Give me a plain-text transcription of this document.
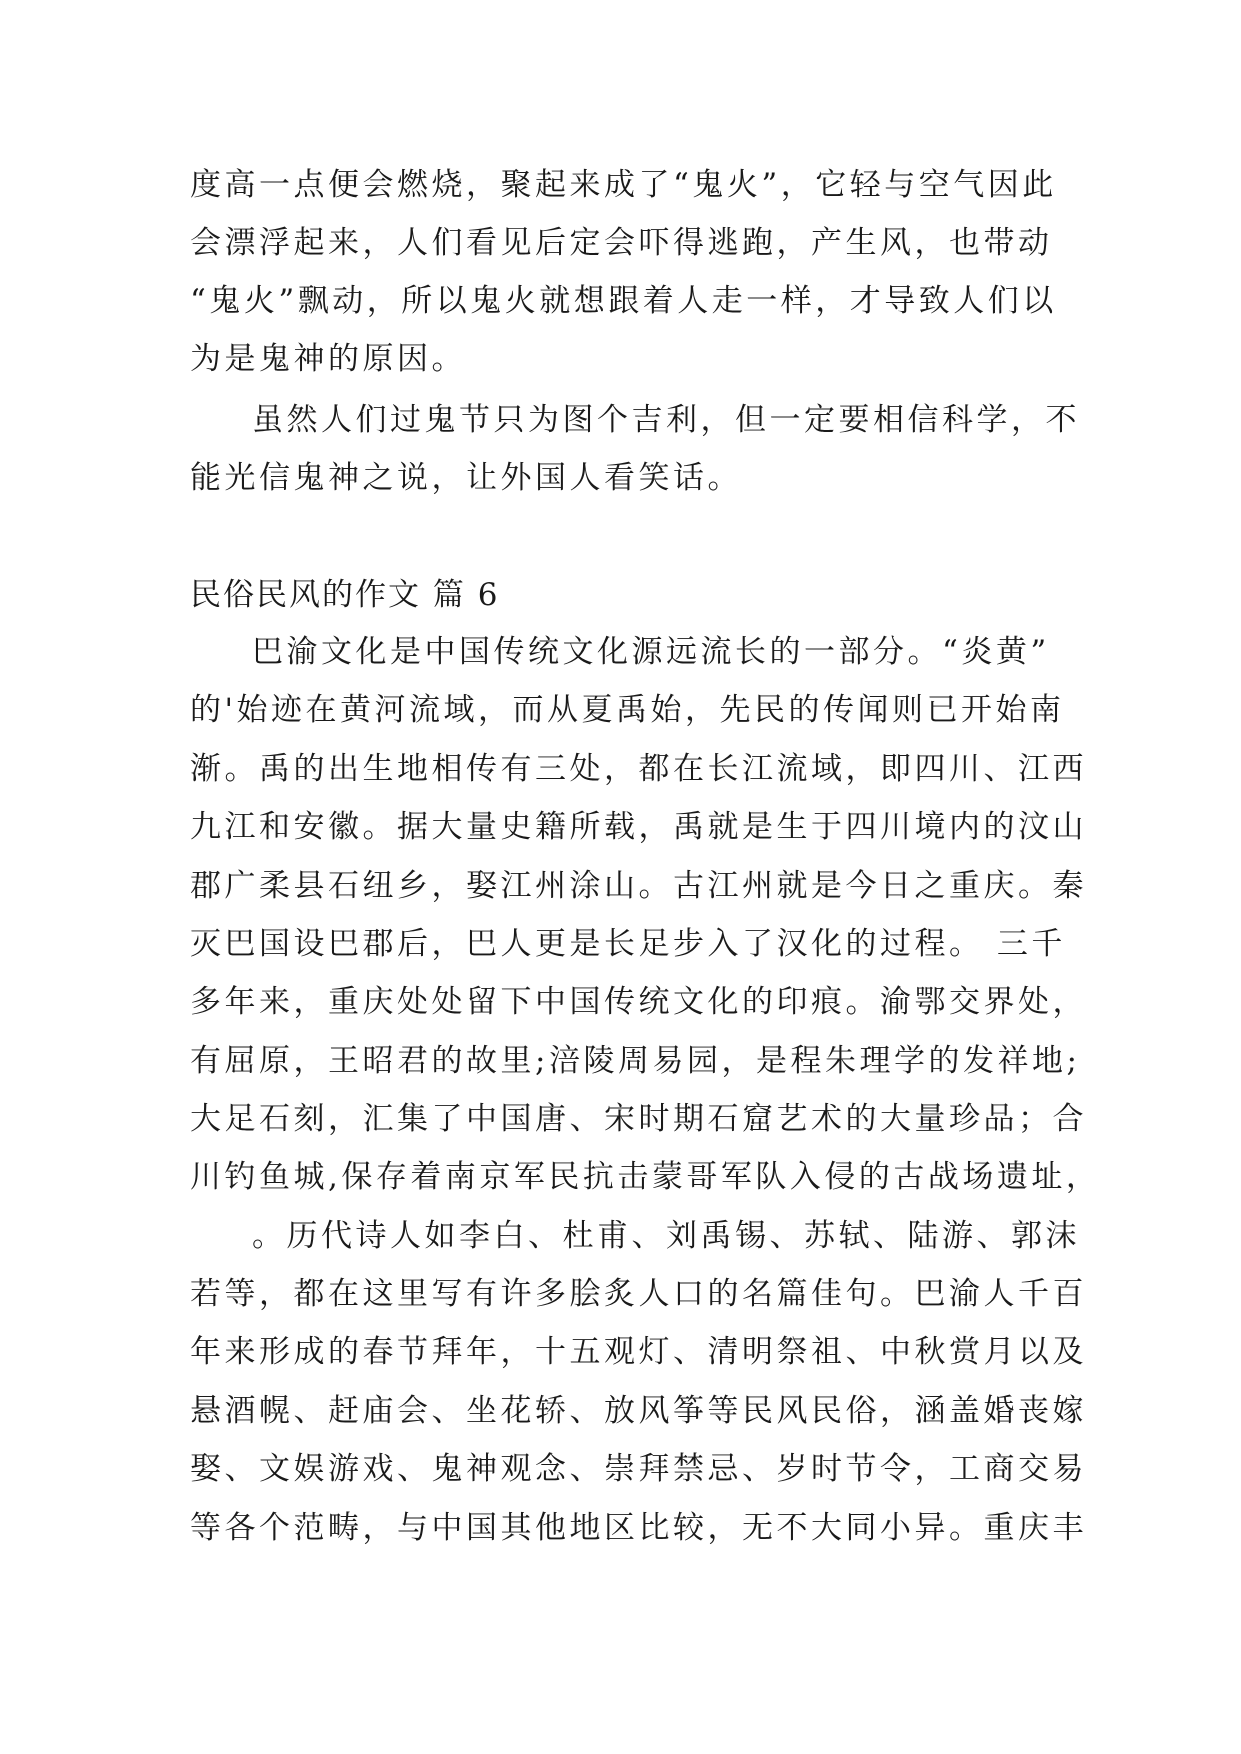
度高一点便会燃烧，聚起来成了“鬼火”，它轻与空气因此
会漂浮起来，人们看见后定会吓得逃跑，产生风，也带动
“鬼火”飘动，所以鬼火就想跟着人走一样，才导致人们以
为是鬼神的原因。
虽然人们过鬼节只为图个吉利，但一定要相信科学，不
能光信鬼神之说，让外国人看笑话。
民俗民风的作文 篇 6
巴渝文化是中国传统文化源远流长的一部分。“炎黄”
的'始迹在黄河流域，而从夏禹始，先民的传闻则已开始南
渐。禹的出生地相传有三处，都在长江流域，即四川、江西
九江和安徽。据大量史籍所载，禹就是生于四川境内的汶山
郡广柔县石纽乡，娶江州涂山。古江州就是今日之重庆。秦
灭巴国设巴郡后，巴人更是长足步入了汉化的过程。 三千
多年来，重庆处处留下中国传统文化的印痕。渝鄂交界处，
有屈原，王昭君的故里;涪陵周易园，是程朱理学的发祥地;
大足石刻，汇集了中国唐、宋时期石窟艺术的大量珍品；合
川钓鱼城,保存着南京军民抗击蒙哥军队入侵的古战场遗址，
。历代诗人如李白、杜甫、刘禹锡、苏轼、陆游、郭沫
若等，都在这里写有许多脍炙人口的名篇佳句。巴渝人千百
年来形成的春节拜年，十五观灯、清明祭祖、中秋赏月以及
悬酒幌、赶庙会、坐花轿、放风筝等民风民俗，涵盖婚丧嫁
娶、文娱游戏、鬼神观念、崇拜禁忌、岁时节令，工商交易
等各个范畴，与中国其他地区比较，无不大同小异。重庆丰
